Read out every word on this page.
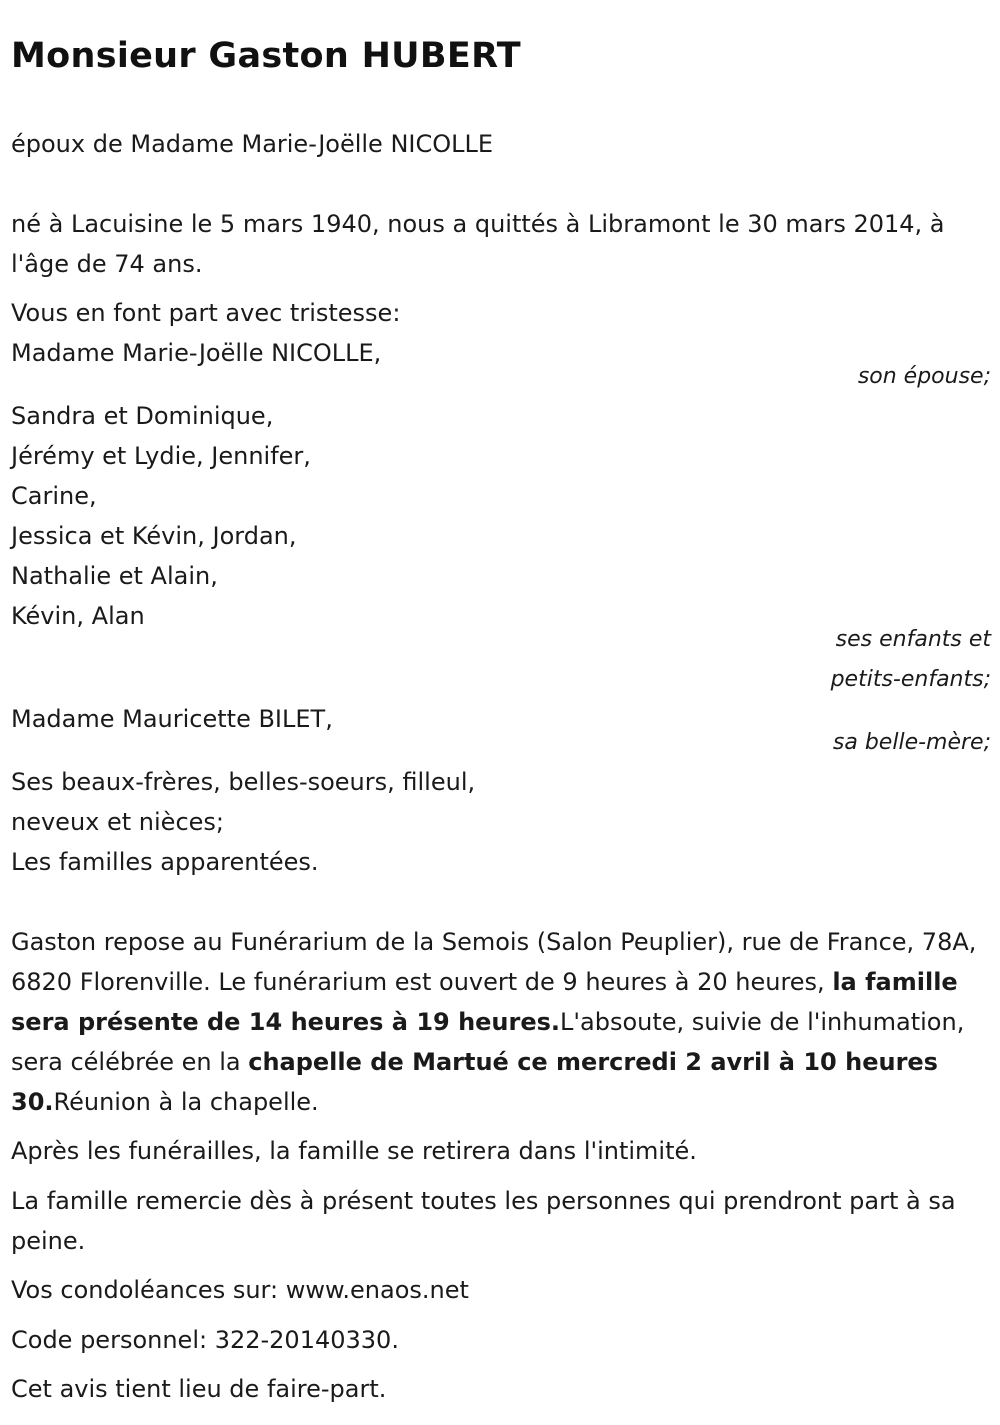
Monsieur Gaston HUBERT

époux de Madame Marie-Joëlle NICOLLE

né à Lacuisine le 5 mars 1940, nous a quittés à Libramont le 30 mars 2014, à l'âge de 74 ans.

Vous en font part avec tristesse:

Madame Marie-Joëlle NICOLLE,

son épouse;

Sandra et Dominique,
Jérémy et Lydie, Jennifer,
Carine,
Jessica et Kévin, Jordan,
Nathalie et Alain,
Kévin, Alan
ses enfants et
petits-enfants;

Madame Mauricette BILET,

sa belle-mère;

Ses beaux-frères, belles-soeurs, filleul,
neveux et nièces;
Les familles apparentées.

Gaston repose au Funérarium de la Semois (Salon Peuplier), rue de France, 78A, 6820 Florenville. Le funérarium est ouvert de 9 heures à 20 heures, la famille sera présente de 14 heures à 19 heures.L'absoute, suivie de l'inhumation, sera célébrée en la chapelle de Martué ce mercredi 2 avril à 10 heures 30.Réunion à la chapelle.

Après les funérailles, la famille se retirera dans l'intimité.

La famille remercie dès à présent toutes les personnes qui prendront part à sa peine.

Vos condoléances sur: www.enaos.net

Code personnel: 322-20140330.

Cet avis tient lieu de faire-part.
